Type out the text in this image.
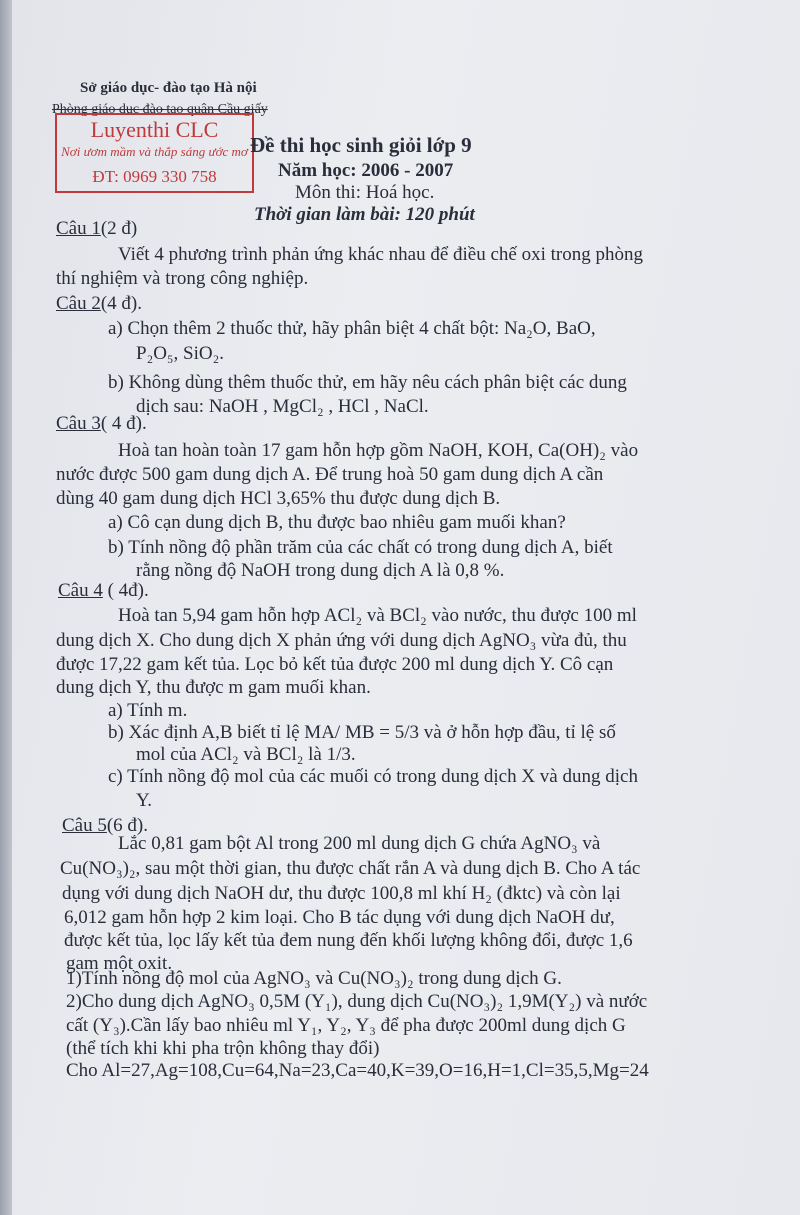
Sở giáo dục- đào tạo Hà nội
Phòng giáo dục đào tạo quận Cầu giấy
Luyenthi CLC
Nơi ươm mầm và thắp sáng ước mơ
ĐT: 0969 330 758
Đề thi học sinh giỏi lớp 9
Năm học: 2006 - 2007
Môn thi: Hoá học.
Thời gian làm bài: 120 phút
Câu 1(2 đ)
Viết 4 phương trình phản ứng khác nhau để điều chế oxi trong phòng
thí nghiệm và trong công nghiệp.
Câu 2(4 đ).
a) Chọn thêm 2 thuốc thử, hãy phân biệt 4 chất bột: Na₂O, BaO,
P₂O₅, SiO₂.
b) Không dùng thêm thuốc thử, em hãy nêu cách phân biệt các dung
dịch sau: NaOH , MgCl₂ , HCl , NaCl.
Câu 3( 4 đ).
Hoà tan hoàn toàn 17 gam hỗn hợp gồm NaOH, KOH, Ca(OH)₂ vào
nước được 500 gam dung dịch A. Để trung hoà 50 gam dung dịch A cần
dùng 40 gam dung dịch HCl 3,65% thu được dung dịch B.
a) Cô cạn dung dịch B, thu được bao nhiêu gam muối khan?
b) Tính nồng độ phần trăm của các chất có trong dung dịch A, biết
rằng nồng độ NaOH trong dung dịch A là 0,8 %.
Câu 4 ( 4đ).
Hoà tan 5,94 gam hỗn hợp ACl₂ và BCl₂ vào nước, thu được 100 ml
dung dịch X. Cho dung dịch X phản ứng với dung dịch AgNO₃ vừa đủ, thu
được 17,22 gam kết tủa. Lọc bỏ kết tủa được 200 ml dung dịch Y. Cô cạn
dung dịch Y, thu được m gam muối khan.
a) Tính m.
b) Xác định A,B biết tỉ lệ MA/ MB = 5/3 và ở hỗn hợp đầu, tỉ lệ số
mol của ACl₂ và BCl₂ là 1/3.
c) Tính nồng độ mol của các muối có trong dung dịch X và dung dịch
Y.
Câu 5(6 đ).
Lắc 0,81 gam bột Al trong 200 ml dung dịch G chứa AgNO₃ và
Cu(NO₃)₂, sau một thời gian, thu được chất rắn A và dung dịch B. Cho A tác
dụng với dung dịch NaOH dư, thu được 100,8 ml khí H₂ (đktc) và còn lại
6,012 gam hỗn hợp 2 kim loại. Cho B tác dụng với dung dịch NaOH dư,
được kết tủa, lọc lấy kết tủa đem nung đến khối lượng không đổi, được 1,6
gam một oxit.
1)Tính nồng độ mol của AgNO₃ và Cu(NO₃)₂ trong dung dịch G.
2)Cho dung dịch AgNO₃ 0,5M (Y₁), dung dịch Cu(NO₃)₂ 1,9M(Y₂) và nước
cất (Y₃).Cần lấy bao nhiêu ml Y₁, Y₂, Y₃ để pha được 200ml dung dịch G
(thể tích khi khi pha trộn không thay đổi)
Cho Al=27,Ag=108,Cu=64,Na=23,Ca=40,K=39,O=16,H=1,Cl=35,5,Mg=24
